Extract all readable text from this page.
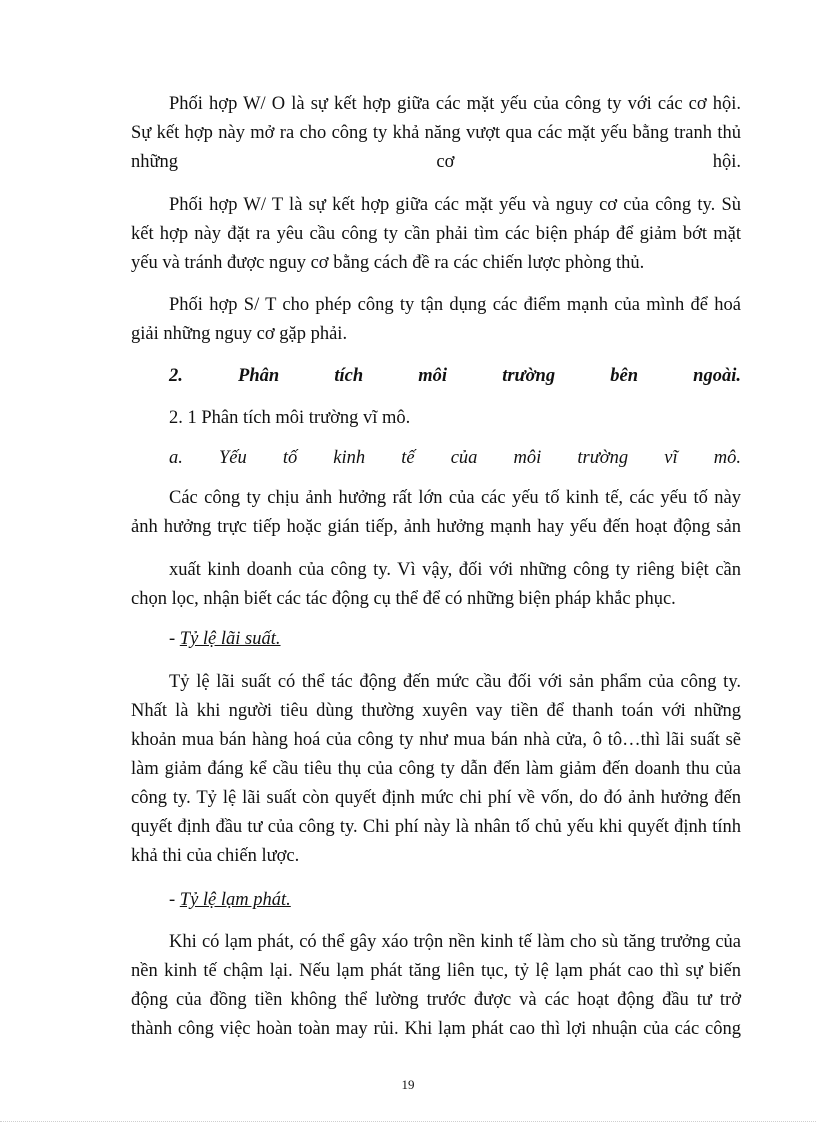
Phối hợp W/ O là sự kết hợp giữa các mặt yếu của công ty với các cơ hội.
Sự kết hợp này mở ra cho công ty khả năng vượt qua các mặt yếu bằng tranh thủ
những	cơ	hội.
Phối hợp W/ T là sự kết hợp giữa các mặt yếu và nguy cơ của công ty. Sù
kết hợp này đặt ra yêu cầu công ty cần phải tìm các biện pháp để giảm bớt mặt
yếu và tránh được nguy cơ bằng cách đề ra các chiến lược phòng thủ.
Phối hợp S/ T cho phép công ty tận dụng các điểm mạnh của mình để hoá
giải những nguy cơ gặp phải.
2.	Phân	tích	môi	trường	bên	ngoài.
2. 1 Phân tích môi trường vĩ mô.
a. Yếu tố kinh tế của môi trường vĩ mô.
Các công ty chịu ảnh hưởng rất lớn của các yếu tố kinh tế, các yếu tố này
ảnh hưởng trực tiếp hoặc gián tiếp, ảnh hưởng mạnh hay yếu đến hoạt động sản
xuất kinh doanh của công ty. Vì vậy, đối với những công ty riêng biệt cần
chọn lọc, nhận biết các tác động cụ thể để có những biện pháp khắc phục.
- Tỷ lệ lãi suất.
Tỷ lệ lãi suất có thể tác động đến mức cầu đối với sản phẩm của công ty.
Nhất là khi người tiêu dùng thường xuyên vay tiền để thanh toán với những
khoản mua bán hàng hoá của công ty như mua bán nhà cửa, ô tô…thì lãi suất sẽ
làm giảm đáng kể cầu tiêu thụ của công ty dẫn đến làm giảm đến doanh thu của
công ty. Tỷ lệ lãi suất còn quyết định mức chi phí về vốn, do đó ảnh hưởng đến
quyết định đầu tư của công ty. Chi phí này là nhân tố chủ yếu khi quyết định tính
khả thi của chiến lược.
- Tỷ lệ lạm phát.
Khi có lạm phát, có thể gây xáo trộn nền kinh tế làm cho sù tăng trưởng của
nền kinh tế chậm lại. Nếu lạm phát tăng liên tục, tỷ lệ lạm phát cao thì sự biến
động của đồng tiền không thể lường trước được và các hoạt động đầu tư trở
thành công việc hoàn toàn may rủi. Khi lạm phát cao thì lợi nhuận của các công
19
